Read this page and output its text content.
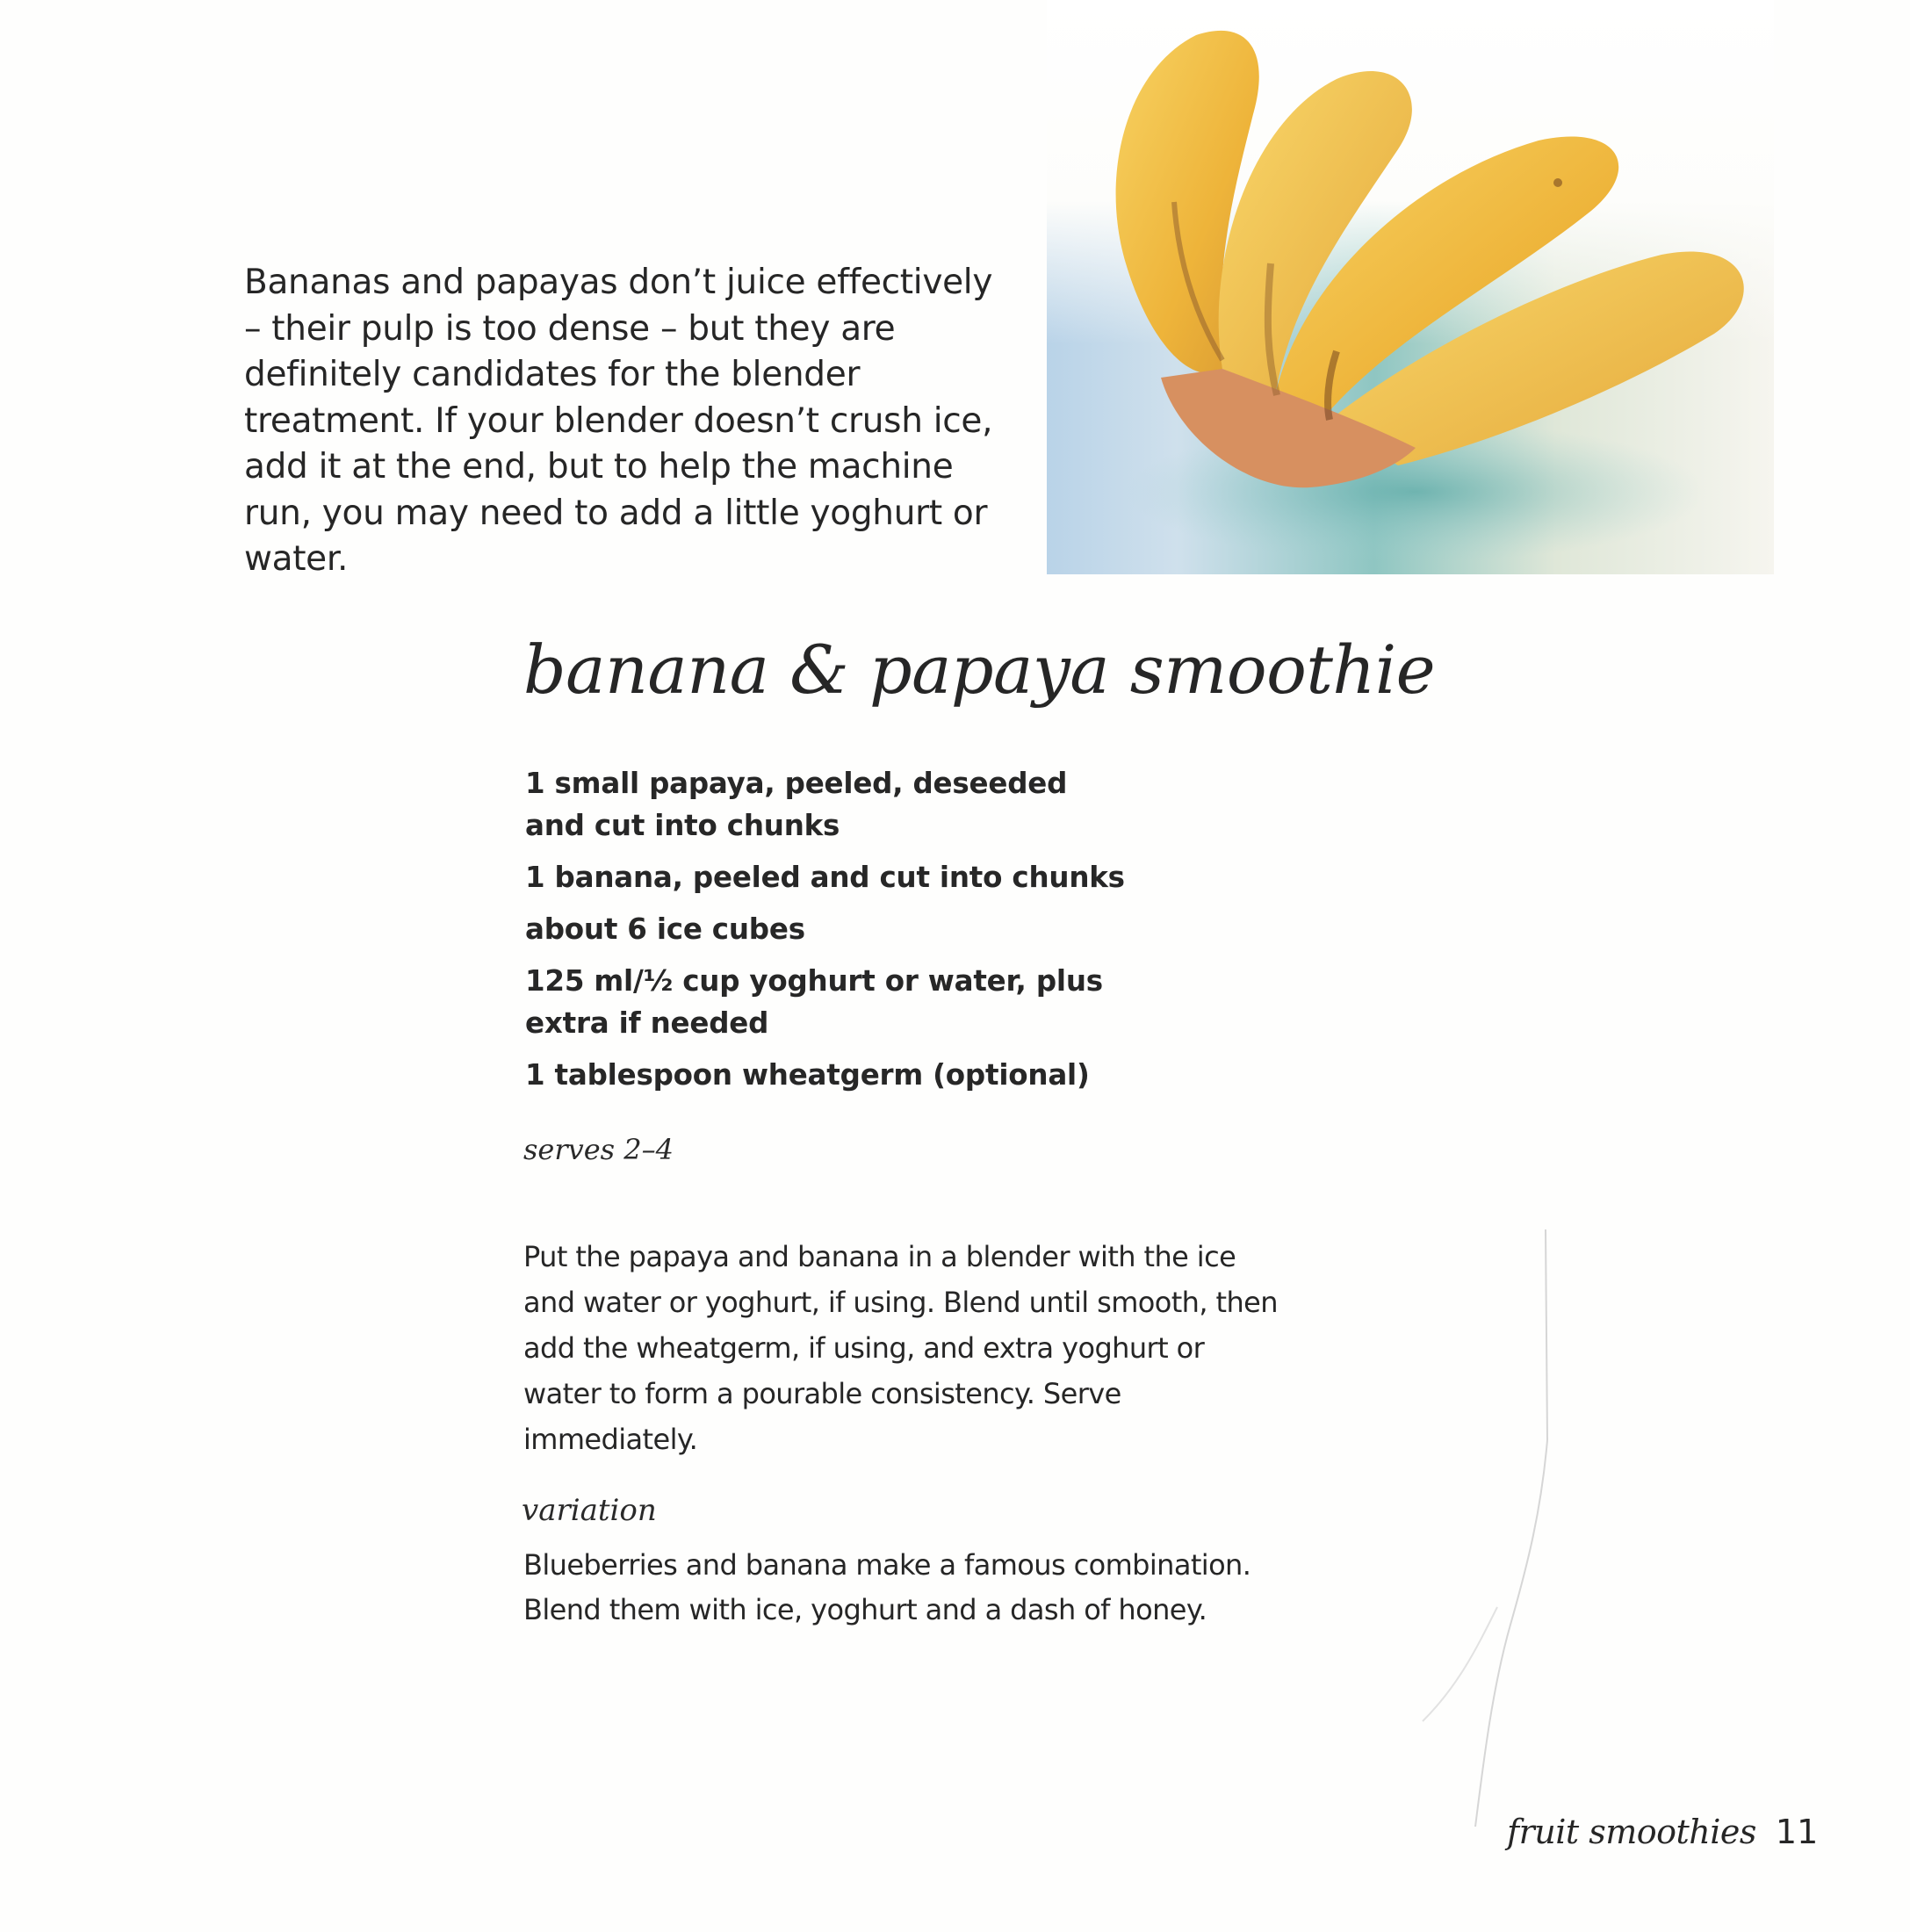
Bananas and papayas don’t juice effectively – their pulp is too dense – but they are definitely candidates for the blender treatment. If your blender doesn’t crush ice, add it at the end, but to help the machine run, you may need to add a little yoghurt or water.

banana & papaya smoothie
1 small papaya, peeled, deseeded and cut into chunks
1 banana, peeled and cut into chunks
about 6 ice cubes
125 ml/½ cup yoghurt or water, plus extra if needed
1 tablespoon wheatgerm (optional)

serves 2–4

Put the papaya and banana in a blender with the ice and water or yoghurt, if using. Blend until smooth, then add the wheatgerm, if using, and extra yoghurt or water to form a pourable consistency. Serve immediately.

variation

Blueberries and banana make a famous combination. Blend them with ice, yoghurt and a dash of honey.

fruit smoothies 11
